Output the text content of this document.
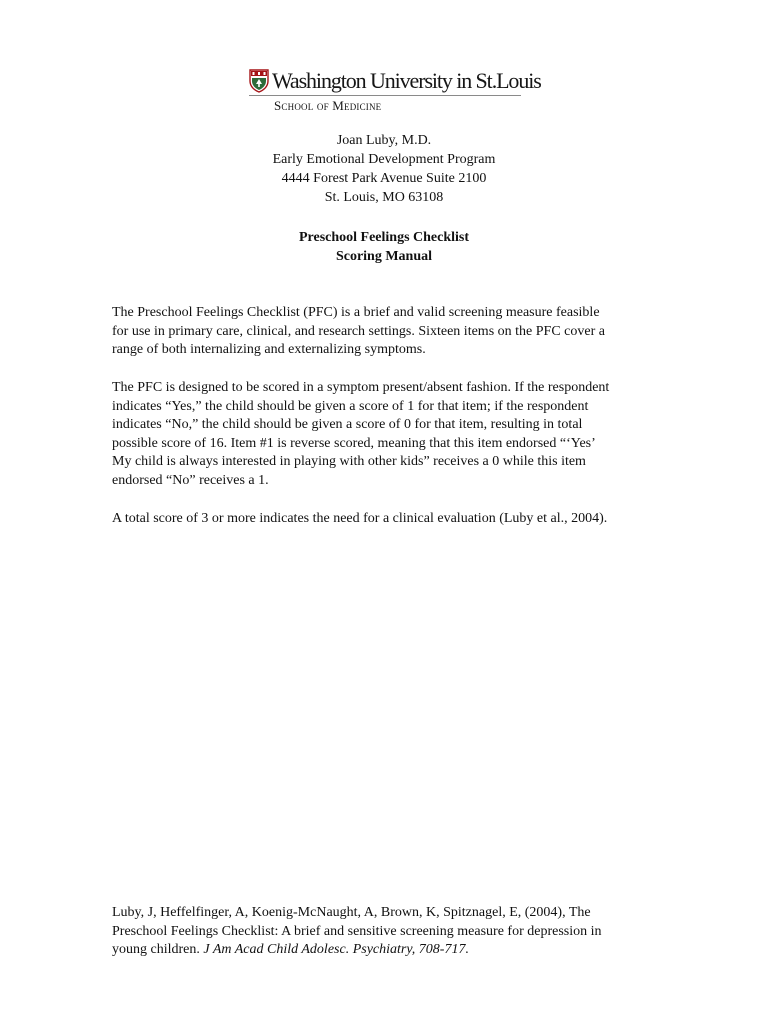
Washington University in St.Louis
School of Medicine
Joan Luby, M.D.
Early Emotional Development Program
4444 Forest Park Avenue Suite 2100
St. Louis, MO 63108
Preschool Feelings Checklist
Scoring Manual
The Preschool Feelings Checklist (PFC) is a brief and valid screening measure feasible
for use in primary care, clinical, and research settings. Sixteen items on the PFC cover a
range of both internalizing and externalizing symptoms.
The PFC is designed to be scored in a symptom present/absent fashion. If the respondent
indicates “Yes,” the child should be given a score of 1 for that item; if the respondent
indicates “No,” the child should be given a score of 0 for that item, resulting in total
possible score of 16. Item #1 is reverse scored, meaning that this item endorsed “‘Yes’
My child is always interested in playing with other kids” receives a 0 while this item
endorsed “No” receives a 1.
A total score of 3 or more indicates the need for a clinical evaluation (Luby et al., 2004).
Luby, J, Heffelfinger, A, Koenig-McNaught, A, Brown, K, Spitznagel, E, (2004), The
Preschool Feelings Checklist: A brief and sensitive screening measure for depression in
young children. J Am Acad Child Adolesc. Psychiatry, 708-717.
